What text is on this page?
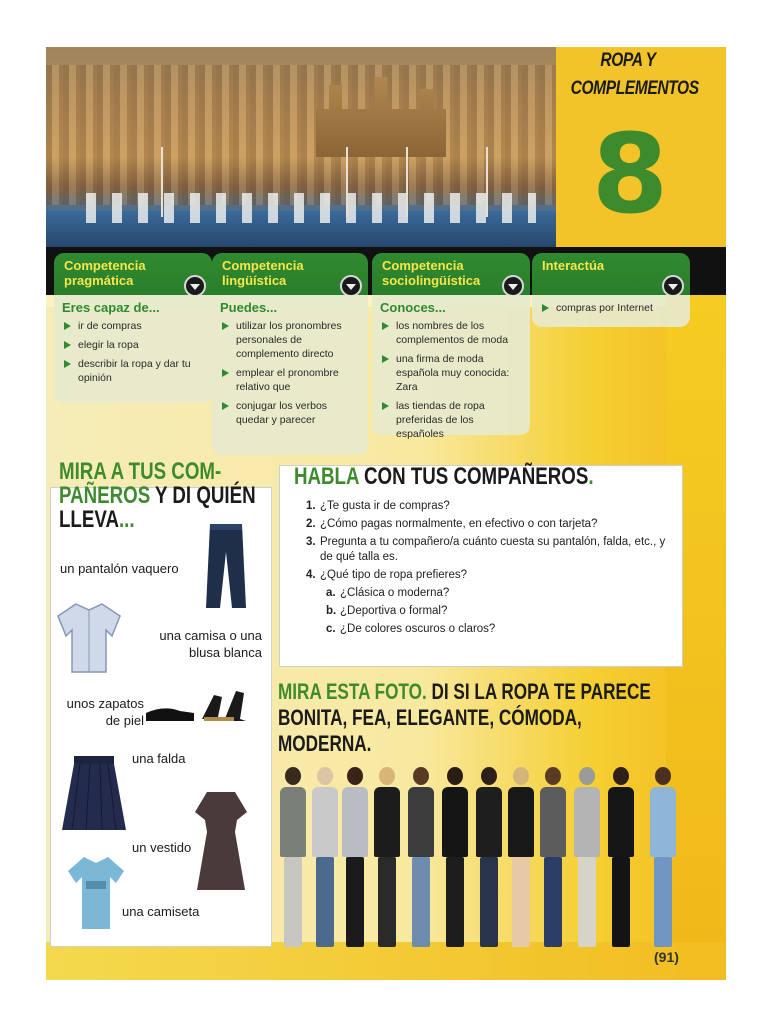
ROPA Y
COMPLEMENTOS
8
Competencia pragmática
Competencia lingüística
Competencia sociolingüística
Interactúa
Eres capaz de...
ir de compras
elegir la ropa
describir la ropa y dar tu opinión
Puedes...
utilizar los pronombres personales de complemento directo
emplear el pronombre relativo que
conjugar los verbos quedar y parecer
Conoces...
los nombres de los complementos de moda
una firma de moda española muy conocida: Zara
las tiendas de ropa preferidas de los españoles
compras por Internet
MIRA A TUS COM-
PAÑEROS Y DI QUIÉN
LLEVA...
un pantalón vaquero
una camisa o una blusa blanca
unos zapatos de piel
una falda
un vestido
una camiseta
HABLA CON TUS COMPAÑEROS.
1. ¿Te gusta ir de compras?
2. ¿Cómo pagas normalmente, en efectivo o con tarjeta?
3. Pregunta a tu compañero/a cuánto cuesta su pantalón, falda, etc., y de qué talla es.
4. ¿Qué tipo de ropa prefieres?
a. ¿Clásica o moderna?
b. ¿Deportiva o formal?
c. ¿De colores oscuros o claros?
MIRA ESTA FOTO. DI SI LA ROPA TE PARECE BONITA, FEA, ELEGANTE, CÓMODA, MODERNA.
(91)
